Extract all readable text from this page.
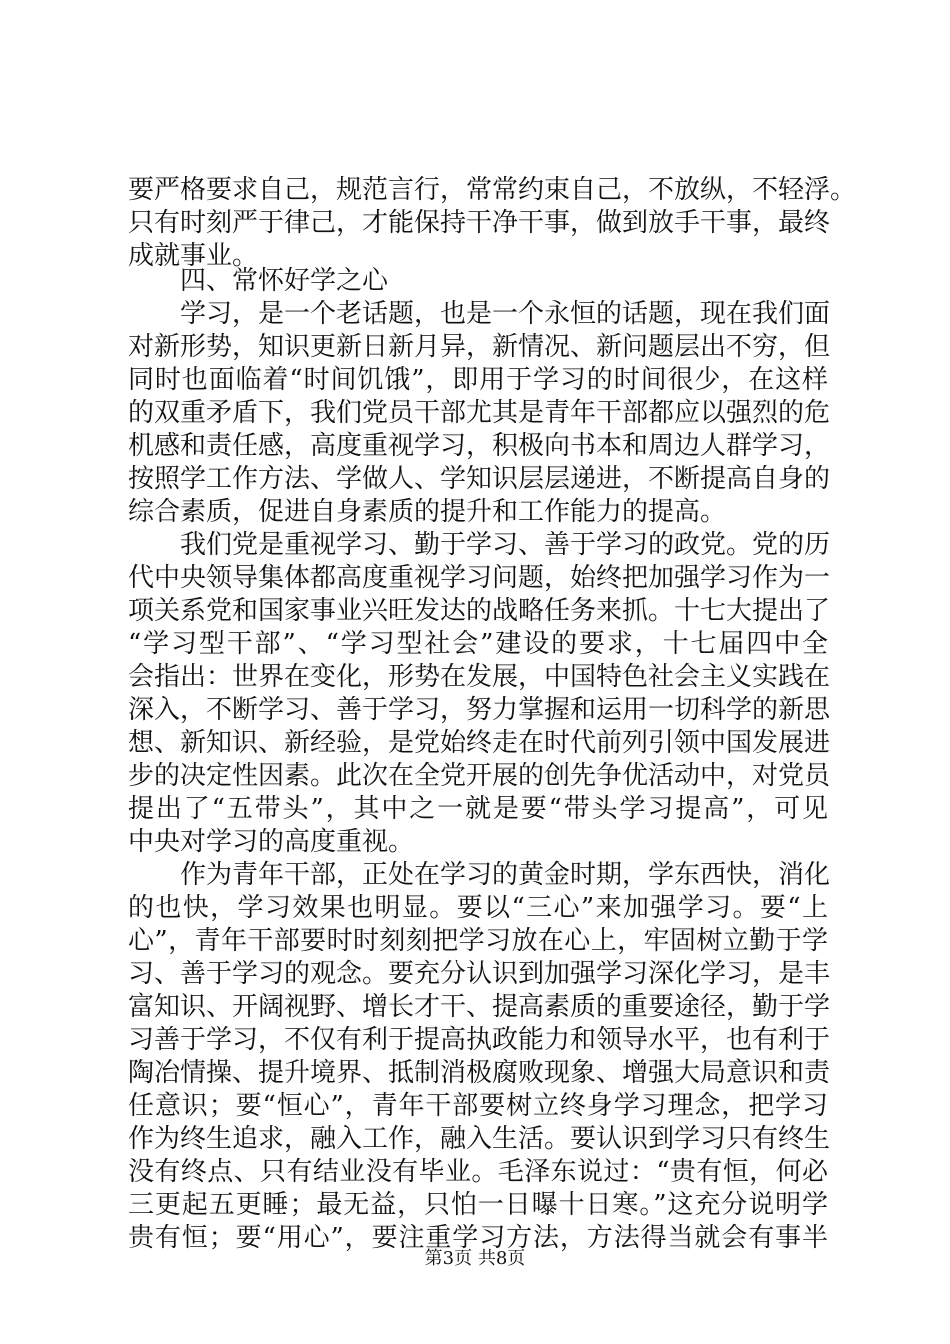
要严格要求自己，规范言行，常常约束自己，不放纵，不轻浮。
只有时刻严于律己，才能保持干净干事，做到放手干事，最终
成就事业。
四、常怀好学之心
学习，是一个老话题，也是一个永恒的话题，现在我们面
对新形势，知识更新日新月异，新情况、新问题层出不穷，但
同时也面临着“时间饥饿”，即用于学习的时间很少，在这样
的双重矛盾下，我们党员干部尤其是青年干部都应以强烈的危
机感和责任感，高度重视学习，积极向书本和周边人群学习，
按照学工作方法、学做人、学知识层层递进，不断提高自身的
综合素质，促进自身素质的提升和工作能力的提高。
我们党是重视学习、勤于学习、善于学习的政党。党的历
代中央领导集体都高度重视学习问题，始终把加强学习作为一
项关系党和国家事业兴旺发达的战略任务来抓。十七大提出了
“学习型干部”、“学习型社会”建设的要求，十七届四中全
会指出：世界在变化，形势在发展，中国特色社会主义实践在
深入，不断学习、善于学习，努力掌握和运用一切科学的新思
想、新知识、新经验，是党始终走在时代前列引领中国发展进
步的决定性因素。此次在全党开展的创先争优活动中，对党员
提出了“五带头”，其中之一就是要“带头学习提高”，可见
中央对学习的高度重视。
作为青年干部，正处在学习的黄金时期，学东西快，消化
的也快，学习效果也明显。要以“三心”来加强学习。要“上
心”，青年干部要时时刻刻把学习放在心上，牢固树立勤于学
习、善于学习的观念。要充分认识到加强学习深化学习，是丰
富知识、开阔视野、增长才干、提高素质的重要途径，勤于学
习善于学习，不仅有利于提高执政能力和领导水平，也有利于
陶冶情操、提升境界、抵制消极腐败现象、增强大局意识和责
任意识；要“恒心”，青年干部要树立终身学习理念，把学习
作为终生追求，融入工作，融入生活。要认识到学习只有终生
没有终点、只有结业没有毕业。毛泽东说过：“贵有恒，何必
三更起五更睡；最无益，只怕一日曝十日寒。”这充分说明学
贵有恒；要“用心”，要注重学习方法，方法得当就会有事半
第3页 共8页
